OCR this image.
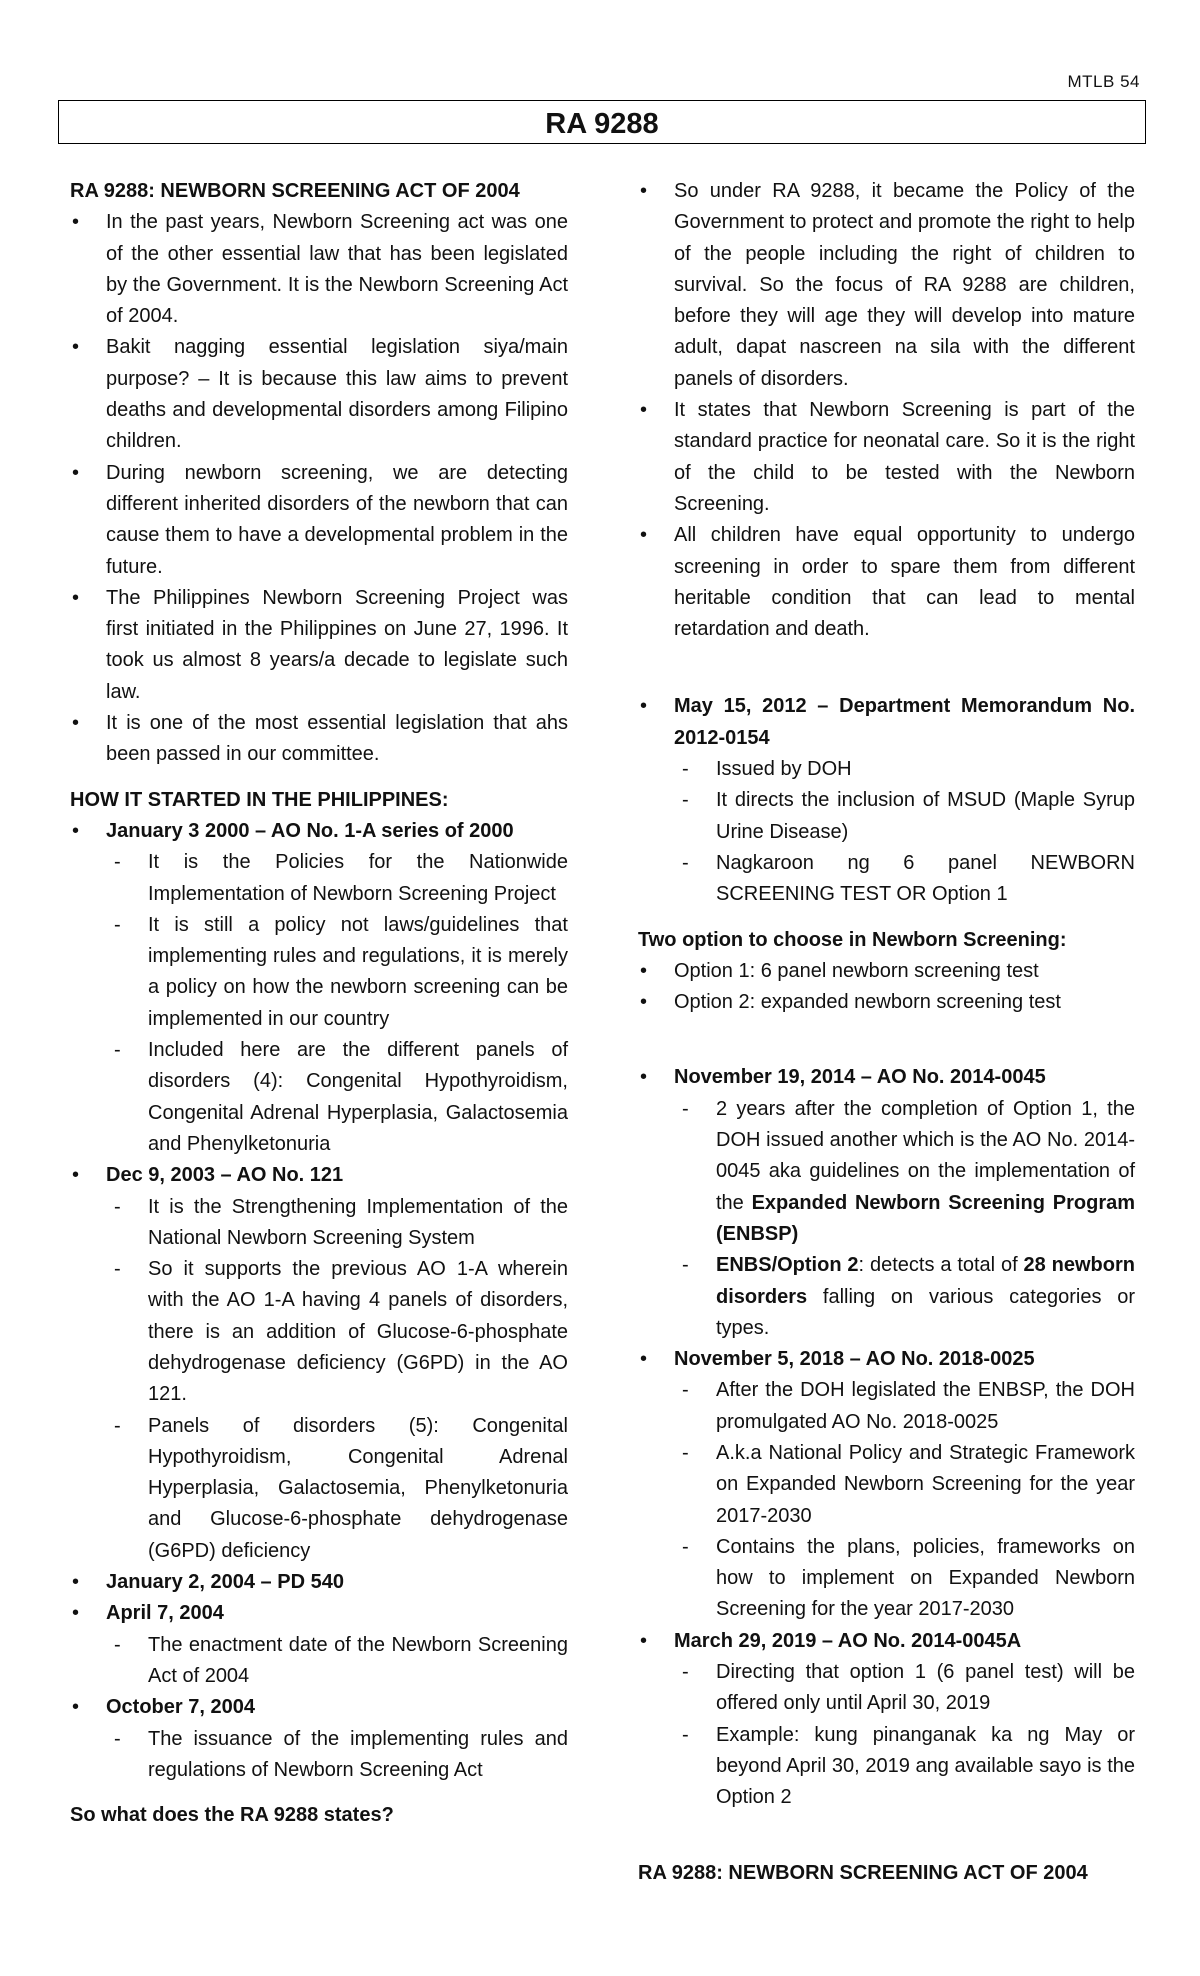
MTLB 54
RA 9288

RA 9288: NEWBORN SCREENING ACT OF 2004

• In the past years, Newborn Screening act was one of the other essential law that has been legislated by the Government. It is the Newborn Screening Act of 2004.
• Bakit nagging essential legislation siya/main purpose? – It is because this law aims to prevent deaths and developmental disorders among Filipino children.
• During newborn screening, we are detecting different inherited disorders of the newborn that can cause them to have a developmental problem in the future.
• The Philippines Newborn Screening Project was first initiated in the Philippines on June 27, 1996. It took us almost 8 years/a decade to legislate such law.
• It is one of the most essential legislation that ahs been passed in our committee.

HOW IT STARTED IN THE PHILIPPINES:

• January 3 2000 – AO No. 1-A series of 2000
- It is the Policies for the Nationwide Implementation of Newborn Screening Project
- It is still a policy not laws/guidelines that implementing rules and regulations, it is merely a policy on how the newborn screening can be implemented in our country
- Included here are the different panels of disorders (4): Congenital Hypothyroidism, Congenital Adrenal Hyperplasia, Galactosemia and Phenylketonuria
• Dec 9, 2003 – AO No. 121
- It is the Strengthening Implementation of the National Newborn Screening System
- So it supports the previous AO 1-A wherein with the AO 1-A having 4 panels of disorders, there is an addition of Glucose-6-phosphate dehydrogenase deficiency (G6PD) in the AO 121.
- Panels of disorders (5): Congenital Hypothyroidism, Congenital Adrenal Hyperplasia, Galactosemia, Phenylketonuria and Glucose-6-phosphate dehydrogenase (G6PD) deficiency
• January 2, 2004 – PD 540
• April 7, 2004
- The enactment date of the Newborn Screening Act of 2004
• October 7, 2004
- The issuance of the implementing rules and regulations of Newborn Screening Act

So what does the RA 9288 states?

• So under RA 9288, it became the Policy of the Government to protect and promote the right to help of the people including the right of children to survival. So the focus of RA 9288 are children, before they will age they will develop into mature adult, dapat nascreen na sila with the different panels of disorders.
• It states that Newborn Screening is part of the standard practice for neonatal care. So it is the right of the child to be tested with the Newborn Screening.
• All children have equal opportunity to undergo screening in order to spare them from different heritable condition that can lead to mental retardation and death.
• May 15, 2012 – Department Memorandum No. 2012-0154
- Issued by DOH
- It directs the inclusion of MSUD (Maple Syrup Urine Disease)
- Nagkaroon ng 6 panel NEWBORN SCREENING TEST OR Option 1

Two option to choose in Newborn Screening:

• Option 1: 6 panel newborn screening test
• Option 2: expanded newborn screening test
• November 19, 2014 – AO No. 2014-0045
- 2 years after the completion of Option 1, the DOH issued another which is the AO No. 2014-0045 aka guidelines on the implementation of the Expanded Newborn Screening Program (ENBSP)
- ENBS/Option 2: detects a total of 28 newborn disorders falling on various categories or types.
• November 5, 2018 – AO No. 2018-0025
- After the DOH legislated the ENBSP, the DOH promulgated AO No. 2018-0025
- A.k.a National Policy and Strategic Framework on Expanded Newborn Screening for the year 2017-2030
- Contains the plans, policies, frameworks on how to implement on Expanded Newborn Screening for the year 2017-2030
• March 29, 2019 – AO No. 2014-0045A
- Directing that option 1 (6 panel test) will be offered only until April 30, 2019
- Example: kung pinanganak ka ng May or beyond April 30, 2019 ang available sayo is the Option 2

RA 9288: NEWBORN SCREENING ACT OF 2004
